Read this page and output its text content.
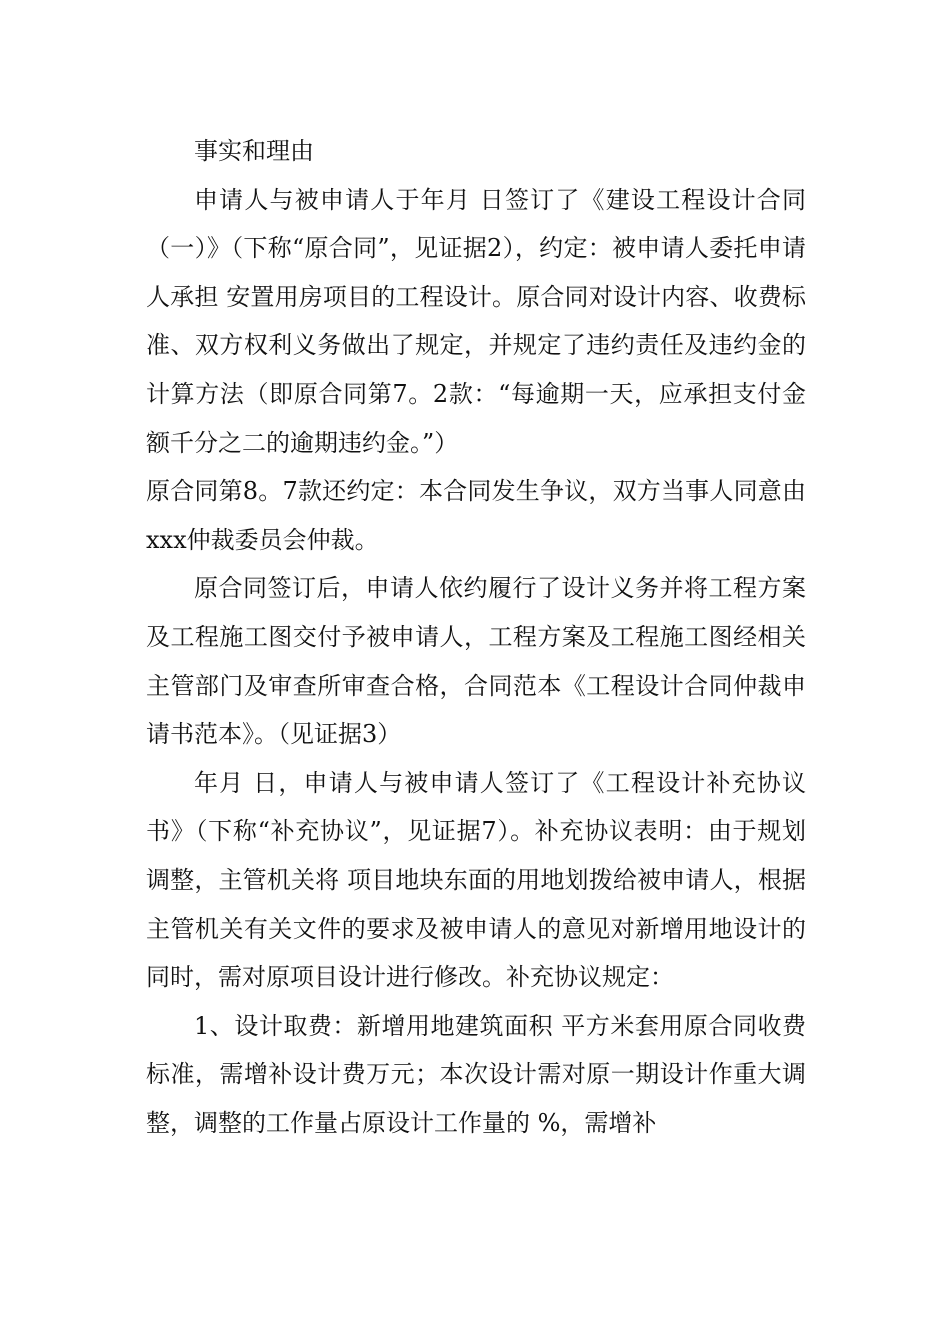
事实和理由

申请人与被申请人于年月 日签订了《建设工程设计合同（一）》（下称“原合同”，见证据2），约定：被申请人委托申请人承担 安置用房项目的工程设计。原合同对设计内容、收费标准、双方权利义务做出了规定，并规定了违约责任及违约金的计算方法（即原合同第7。2款：“每逾期一天，应承担支付金额千分之二的逾期违约金。”）

原合同第8。7款还约定：本合同发生争议，双方当事人同意由xxx仲裁委员会仲裁。

原合同签订后，申请人依约履行了设计义务并将工程方案及工程施工图交付予被申请人，工程方案及工程施工图经相关主管部门及审查所审查合格，合同范本《工程设计合同仲裁申请书范本》。（见证据3）

年月 日，申请人与被申请人签订了《工程设计补充协议书》（下称“补充协议”，见证据7）。补充协议表明：由于规划调整，主管机关将 项目地块东面的用地划拨给被申请人，根据主管机关有关文件的要求及被申请人的意见对新增用地设计的同时，需对原项目设计进行修改。补充协议规定：

1、设计取费：新增用地建筑面积 平方米套用原合同收费标准，需增补设计费万元；本次设计需对原一期设计作重大调整，调整的工作量占原设计工作量的 %，需增补
